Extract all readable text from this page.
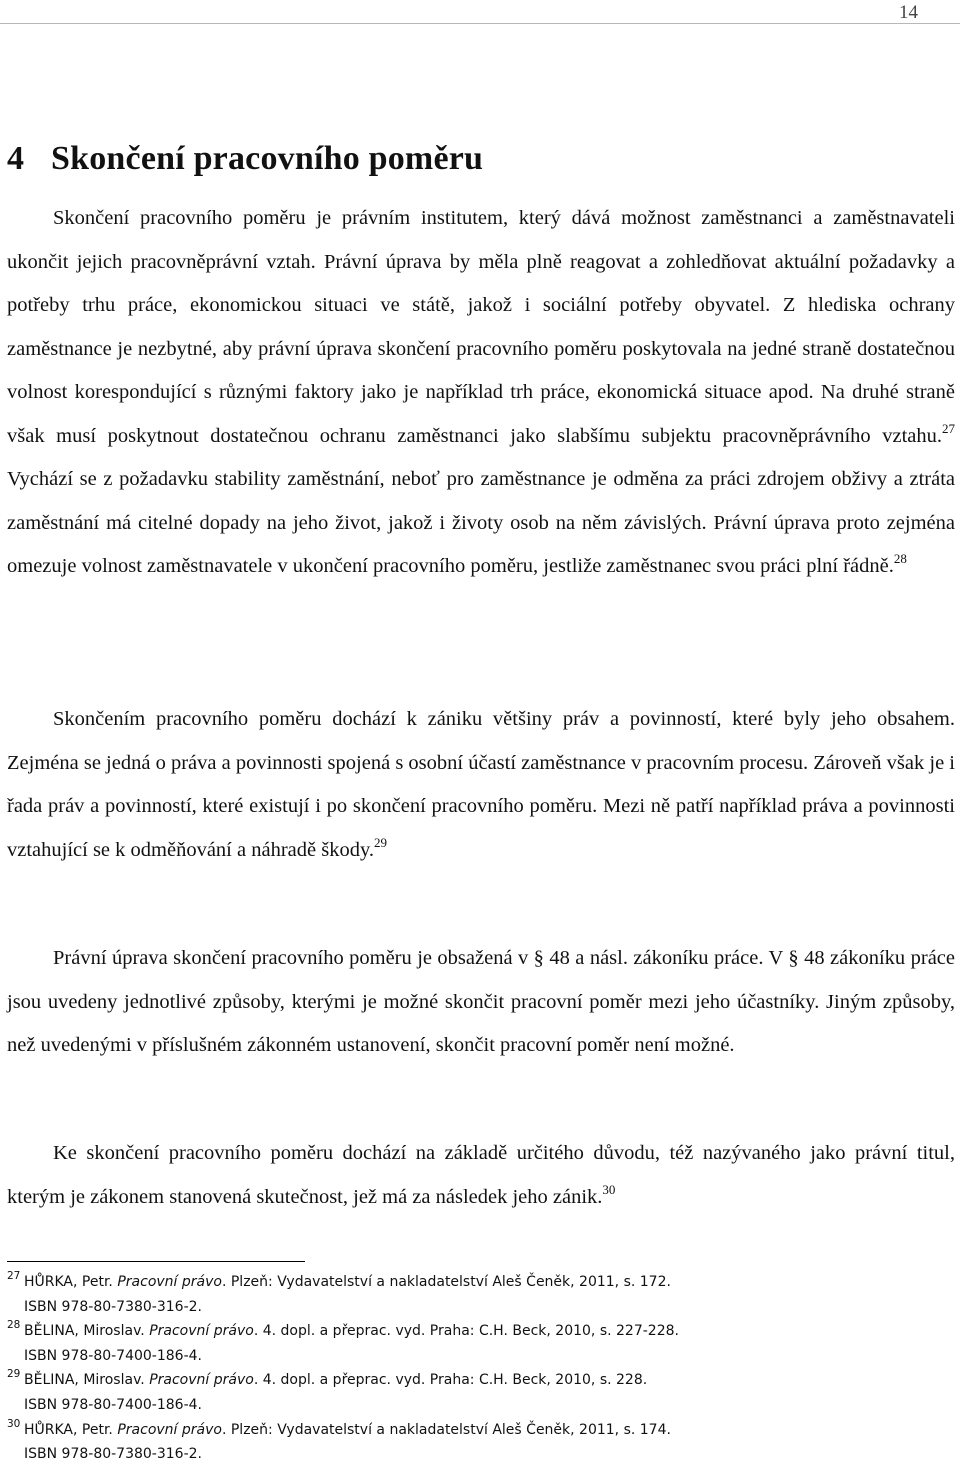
14
4 Skončení pracovního poměru

Skončení pracovního poměru je právním institutem, který dává možnost zaměstnanci a zaměstnavateli ukončit jejich pracovněprávní vztah. Právní úprava by měla plně reagovat a zohledňovat aktuální požadavky a potřeby trhu práce, ekonomickou situaci ve státě, jakož i sociální potřeby obyvatel. Z hlediska ochrany zaměstnance je nezbytné, aby právní úprava skončení pracovního poměru poskytovala na jedné straně dostatečnou volnost korespondující s různými faktory jako je například trh práce, ekonomická situace apod. Na druhé straně však musí poskytnout dostatečnou ochranu zaměstnanci jako slabšímu subjektu pracovněprávního vztahu.$^{27}$ Vychází se z požadavku stability zaměstnání, neboť pro zaměstnance je odměna za práci zdrojem obživy a ztráta zaměstnání má citelné dopady na jeho život, jakož i životy osob na něm závislých. Právní úprava proto zejména omezuje volnost zaměstnavatele v ukončení pracovního poměru, jestliže zaměstnanec svou práci plní řádně.$^{28}$

Skončením pracovního poměru dochází k zániku většiny práv a povinností, které byly jeho obsahem. Zejména se jedná o práva a povinnosti spojená s osobní účastí zaměstnance v pracovním procesu. Zároveň však je i řada práv a povinností, které existují i po skončení pracovního poměru. Mezi ně patří například práva a povinnosti vztahující se k odměňování a náhradě škody.$^{29}$

Právní úprava skončení pracovního poměru je obsažená v § 48 a násl. zákoníku práce. V § 48 zákoníku práce jsou uvedeny jednotlivé způsoby, kterými je možné skončit pracovní poměr mezi jeho účastníky. Jiným způsoby, než uvedenými v příslušném zákonném ustanovení, skončit pracovní poměr není možné.

Ke skončení pracovního poměru dochází na základě určitého důvodu, též nazývaného jako právní titul, kterým je zákonem stanovená skutečnost, jež má za následek jeho zánik.$^{30}$

$^{27}$ HŮRKA, Petr. Pracovní právo. Plzeň: Vydavatelství a nakladatelství Aleš Čeněk, 2011, s. 172.
ISBN 978-80-7380-316-2.
$^{28}$ BĚLINA, Miroslav. Pracovní právo. 4. dopl. a přeprac. vyd. Praha: C.H. Beck, 2010, s. 227-228.
ISBN 978-80-7400-186-4.
$^{29}$ BĚLINA, Miroslav. Pracovní právo. 4. dopl. a přeprac. vyd. Praha: C.H. Beck, 2010, s. 228.
ISBN 978-80-7400-186-4.
$^{30}$ HŮRKA, Petr. Pracovní právo. Plzeň: Vydavatelství a nakladatelství Aleš Čeněk, 2011, s. 174.
ISBN 978-80-7380-316-2.
